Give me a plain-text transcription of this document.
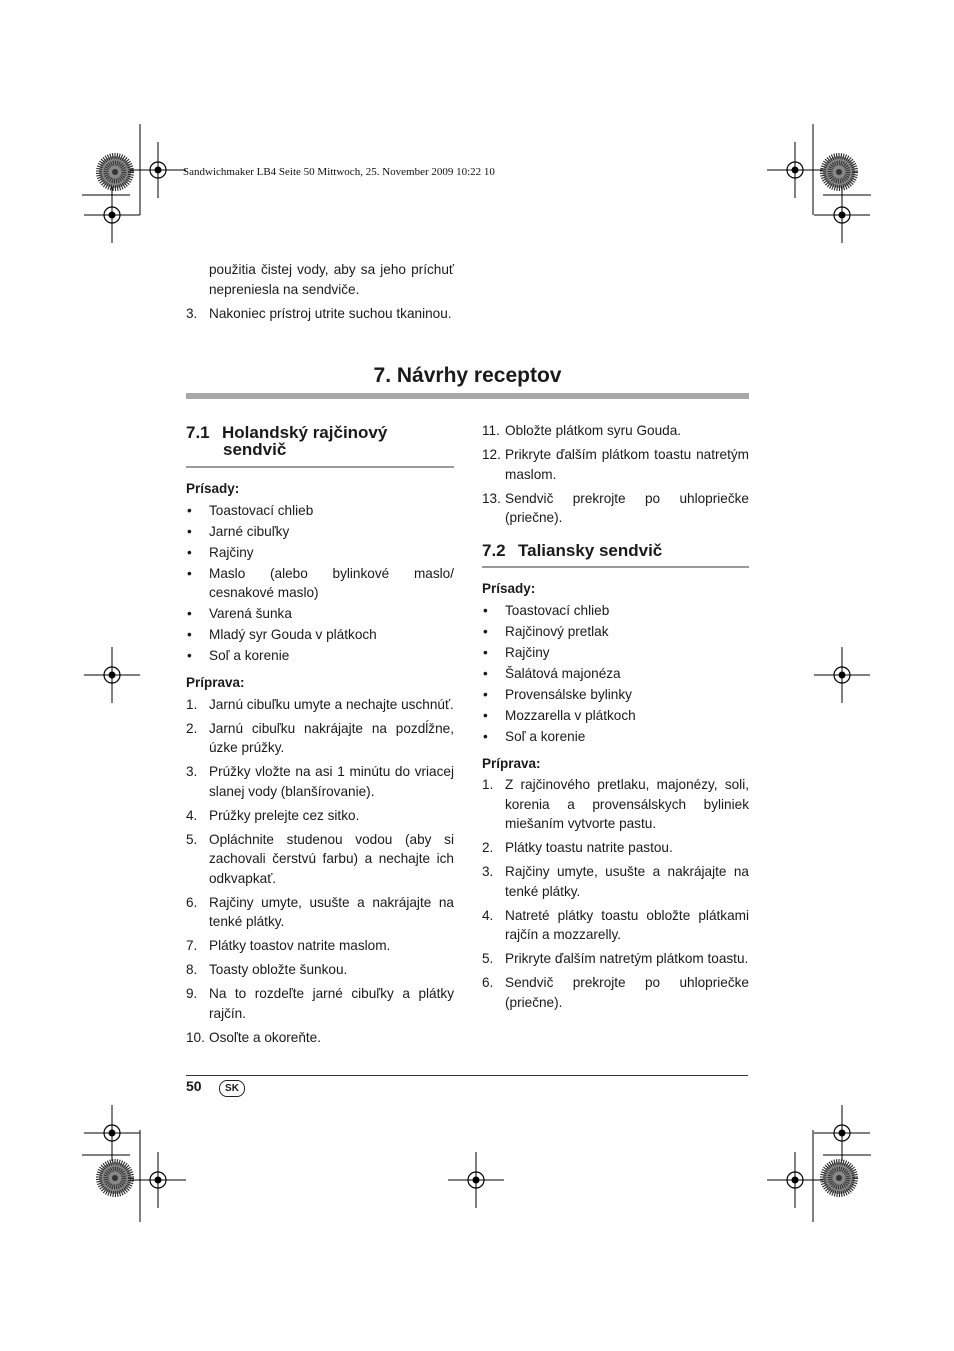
Sandwichmaker LB4 Seite 50 Mittwoch, 25. November 2009 10:22 10

použitia čistej vody, aby sa jeho príchuť nepreniesla na sendviče.

3. Nakoniec prístroj utrite suchou tkaninou.
7. Návrhy receptov
7.1 Holandský rajčinový
sendvič
Prísady:
• Toastovací chlieb
• Jarné cibuľky
• Rajčiny
• Maslo (alebo bylinkové maslo/ cesnakové maslo)
• Varená šunka
• Mladý syr Gouda v plátkoch
• Soľ a korenie
Príprava:
1. Jarnú cibuľku umyte a nechajte uschnúť.
2. Jarnú cibuľku nakrájajte na pozdĺžne, úzke prúžky.
3. Prúžky vložte na asi 1 minútu do vriacej slanej vody (blanšírovanie).
4. Prúžky prelejte cez sitko.
5. Opláchnite studenou vodou (aby si zachovali čerstvú farbu) a nechajte ich odkvapkať.
6. Rajčiny umyte, usušte a nakrájajte na tenké plátky.
7. Plátky toastov natrite maslom.
8. Toasty obložte šunkou.
9. Na to rozdeľte jarné cibuľky a plátky rajčín.
10. Osoľte a okoreňte.
11. Obložte plátkom syru Gouda.
12. Prikryte ďalším plátkom toastu natretým maslom.
13. Sendvič prekrojte po uhlopriečke (priečne).
7.2 Taliansky sendvič
Prísady:
• Toastovací chlieb
• Rajčinový pretlak
• Rajčiny
• Šalátová majonéza
• Provensálske bylinky
• Mozzarella v plátkoch
• Soľ a korenie
Príprava:
1. Z rajčinového pretlaku, majonézy, soli, korenia a provensálskych byliniek miešaním vytvorte pastu.
2. Plátky toastu natrite pastou.
3. Rajčiny umyte, usušte a nakrájajte na tenké plátky.
4. Natreté plátky toastu obložte plátkami rajčín a mozzarelly.
5. Prikryte ďalším natretým plátkom toastu.
6. Sendvič prekrojte po uhlopriečke (priečne).
50	SK
